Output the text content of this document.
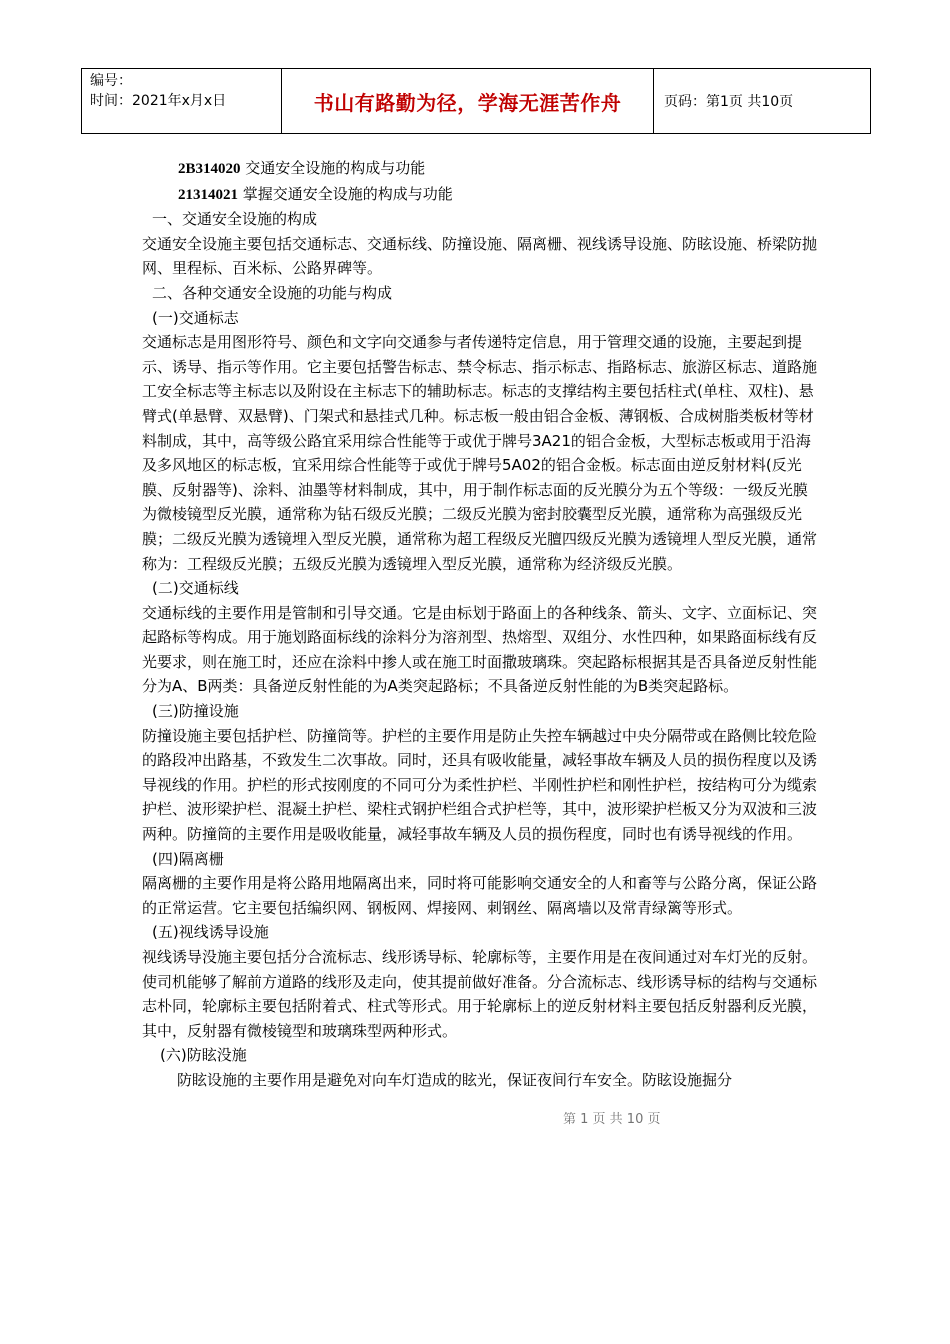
编号：
时间：2021年x月x日	书山有路勤为径，学海无涯苦作舟	页码：第1页 共10页

2B314020 交通安全设施的构成与功能

21314021 掌握交通安全设施的构成与功能

一、交通安全设施的构成

交通安全设施主要包括交通标志、交通标线、防撞设施、隔离栅、视线诱导设施、防眩设施、桥梁防抛网、里程标、百米标、公路界碑等。

二、各种交通安全设施的功能与构成

(一)交通标志

交通标志是用图形符号、颜色和文字向交通参与者传递特定信息，用于管理交通的设施，主要起到提示、诱导、指示等作用。它主要包括警告标志、禁令标志、指示标志、指路标志、旅游区标志、道路施工安全标志等主标志以及附设在主标志下的辅助标志。标志的支撑结构主要包括柱式(单柱、双柱)、悬臂式(单悬臂、双悬臂)、门架式和悬挂式几种。标志板一般由铝合金板、薄钢板、合成树脂类板材等材料制成，其中，高等级公路宜采用综合性能等于或优于牌号3A21的铝合金板，大型标志板或用于沿海及多风地区的标志板，宜采用综合性能等于或优于牌号5A02的铝合金板。标志面由逆反射材料(反光膜、反射器等)、涂料、油墨等材料制成，其中，用于制作标志面的反光膜分为五个等级：一级反光膜为微棱镜型反光膜，通常称为钻石级反光膜；二级反光膜为密封胶囊型反光膜，通常称为高强级反光膜；二级反光膜为透镜埋入型反光膜，通常称为超工程级反光膻四级反光膜为透镜埋人型反光膜，通常称为：工程级反光膜；五级反光膜为透镜埋入型反光膜，通常称为经济级反光膜。

(二)交通标线

交通标线的主要作用是管制和引导交通。它是由标划于路面上的各种线条、箭头、文字、立面标记、突起路标等构成。用于施划路面标线的涂料分为溶剂型、热熔型、双组分、水性四种，如果路面标线有反光要求，则在施工时，还应在涂料中掺人或在施工时面撒玻璃珠。突起路标根据其是否具备逆反射性能分为A、B两类：具备逆反射性能的为A类突起路标；不具备逆反射性能的为B类突起路标。

(三)防撞设施

防撞设施主要包括护栏、防撞筒等。护栏的主要作用是防止失控车辆越过中央分隔带或在路侧比较危险的路段冲出路基，不致发生二次事故。同时，还具有吸收能量，减轻事故车辆及人员的损伤程度以及诱导视线的作用。护栏的形式按刚度的不同可分为柔性护栏、半刚性护栏和刚性护栏，按结构可分为缆索护栏、波形梁护栏、混凝土护栏、梁柱式钢护栏组合式护栏等，其中，波形梁护栏板又分为双波和三波两种。防撞筒的主要作用是吸收能量，减轻事故车辆及人员的损伤程度，同时也有诱导视线的作用。

(四)隔离栅

隔离栅的主要作用是将公路用地隔离出来，同时将可能影响交通安全的人和畜等与公路分离，保证公路的正常运营。它主要包括编织网、钢板网、焊接网、刺钢丝、隔离墙以及常青绿篱等形式。

(五)视线诱导设施

视线诱导没施主要包括分合流标志、线形诱导标、轮廓标等，主要作用是在夜间通过对车灯光的反射。使司机能够了解前方道路的线形及走向，使其提前做好准备。分合流标志、线形诱导标的结构与交通标志朴同，轮廓标主要包括附着式、柱式等形式。用于轮廓标上的逆反射材料主要包括反射器利反光膜，其中，反射器有微棱镜型和玻璃珠型两种形式。

(六)防眩没施

防眩设施的主要作用是避免对向车灯造成的眩光，保证夜间行车安全。防眩设施掘分

第 1 页 共 10 页
